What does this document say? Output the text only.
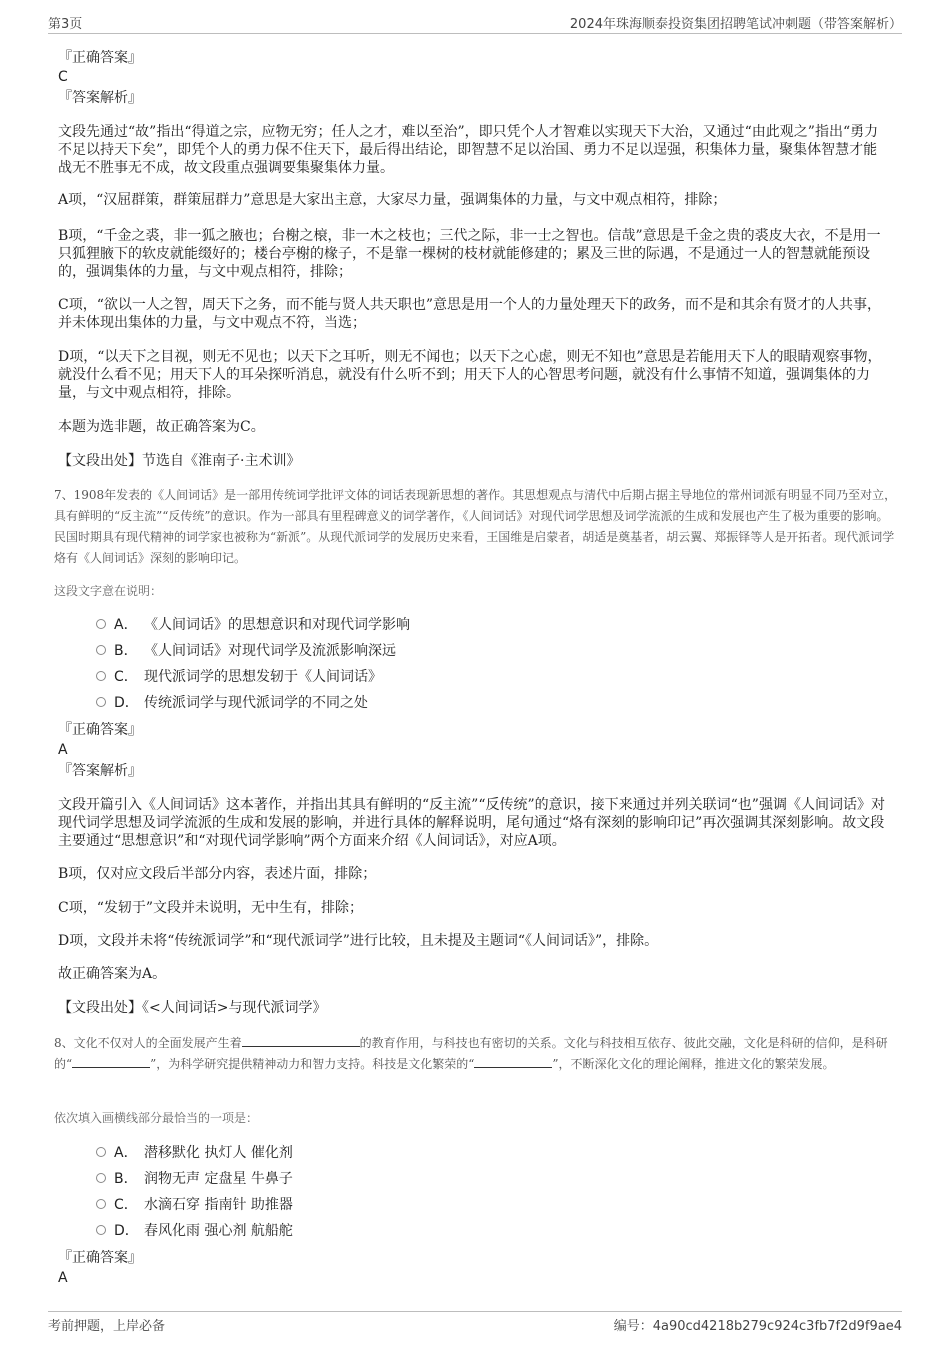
第3页	2024年珠海顺泰投资集团招聘笔试冲刺题（带答案解析）
『正确答案』
C
『答案解析』

文段先通过“故”指出“得道之宗，应物无穷；任人之才，难以至治”，即只凭个人才智难以实现天下大治，又通过“由此观之”指出“勇力不足以持天下矣”，即凭个人的勇力保不住天下，最后得出结论，即智慧不足以治国、勇力不足以逞强，积集体力量，聚集体智慧才能战无不胜事无不成，故文段重点强调要集聚集体力量。

A项，“汉屈群策，群策屈群力”意思是大家出主意，大家尽力量，强调集体的力量，与文中观点相符，排除；

B项，“千金之裘，非一狐之腋也；台榭之榱，非一木之枝也；三代之际，非一士之智也。信哉”意思是千金之贵的裘皮大衣，不是用一只狐狸腋下的软皮就能缀好的；楼台亭榭的椽子，不是靠一棵树的枝材就能修建的；累及三世的际遇，不是通过一人的智慧就能预设的，强调集体的力量，与文中观点相符，排除；

C项，“欲以一人之智，周天下之务，而不能与贤人共天职也”意思是用一个人的力量处理天下的政务，而不是和其余有贤才的人共事，并未体现出集体的力量，与文中观点不符，当选；

D项，“以天下之目视，则无不见也；以天下之耳听，则无不闻也；以天下之心虑，则无不知也”意思是若能用天下人的眼睛观察事物，就没什么看不见；用天下人的耳朵探听消息，就没有什么听不到；用天下人的心智思考问题，就没有什么事情不知道，强调集体的力量，与文中观点相符，排除。

本题为选非题，故正确答案为C。

【文段出处】节选自《淮南子·主术训》

7、1908年发表的《人间词话》是一部用传统词学批评文体的词话表现新思想的著作。其思想观点与清代中后期占据主导地位的常州词派有明显不同乃至对立，具有鲜明的“反主流”“反传统”的意识。作为一部具有里程碑意义的词学著作，《人间词话》对现代词学思想及词学流派的生成和发展也产生了极为重要的影响。民国时期具有现代精神的词学家也被称为“新派”。从现代派词学的发展历史来看，王国维是启蒙者，胡适是奠基者，胡云翼、郑振铎等人是开拓者。现代派词学烙有《人间词话》深刻的影响印记。

这段文字意在说明：
A． 《人间词话》的思想意识和对现代词学影响
B． 《人间词话》对现代词学及流派影响深远
C． 现代派词学的思想发轫于《人间词话》
D． 传统派词学与现代派词学的不同之处
『正确答案』
A
『答案解析』

文段开篇引入《人间词话》这本著作，并指出其具有鲜明的“反主流”“反传统”的意识，接下来通过并列关联词“也”强调《人间词话》对现代词学思想及词学流派的生成和发展的影响，并进行具体的解释说明，尾句通过“烙有深刻的影响印记”再次强调其深刻影响。故文段主要通过“思想意识”和“对现代词学影响”两个方面来介绍《人间词话》，对应A项。

B项，仅对应文段后半部分内容，表述片面，排除；

C项，“发轫于”文段并未说明，无中生有，排除；

D项，文段并未将“传统派词学”和“现代派词学”进行比较，且未提及主题词“《人间词话》”，排除。

故正确答案为A。

【文段出处】《<人间词话>与现代派词学》

8、文化不仅对人的全面发展产生着	的教育作用，与科技也有密切的关系。文化与科技相互依存、彼此交融，文化是科研的信仰，是科研的“	”，为科学研究提供精神动力和智力支持。科技是文化繁荣的“	”，不断深化文化的理论阐释，推进文化的繁荣发展。

依次填入画横线部分最恰当的一项是：
A． 潜移默化 执灯人 催化剂
B． 润物无声 定盘星 牛鼻子
C． 水滴石穿 指南针 助推器
D． 春风化雨 强心剂 航船舵
『正确答案』
A
考前押题，上岸必备	编号：4a90cd4218b279c924c3fb7f2d9f9ae4
